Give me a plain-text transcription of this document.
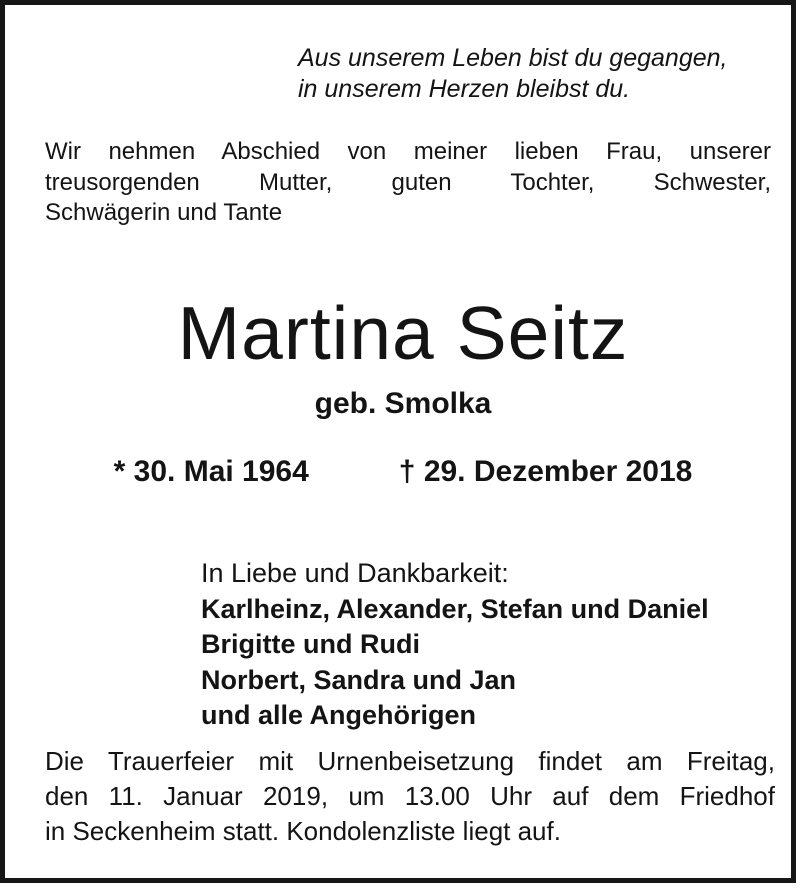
Aus unserem Leben bist du gegangen,
in unserem Herzen bleibst du.
Wir nehmen Abschied von meiner lieben Frau, unserer
treusorgenden Mutter, guten Tochter, Schwester,
Schwägerin und Tante
Martina Seitz
geb. Smolka
* 30. Mai 1964	† 29. Dezember 2018
In Liebe und Dankbarkeit:
Karlheinz, Alexander, Stefan und Daniel
Brigitte und Rudi
Norbert, Sandra und Jan
und alle Angehörigen
Die Trauerfeier mit Urnenbeisetzung findet am Freitag,
den 11. Januar 2019, um 13.00 Uhr auf dem Friedhof
in Seckenheim statt. Kondolenzliste liegt auf.
